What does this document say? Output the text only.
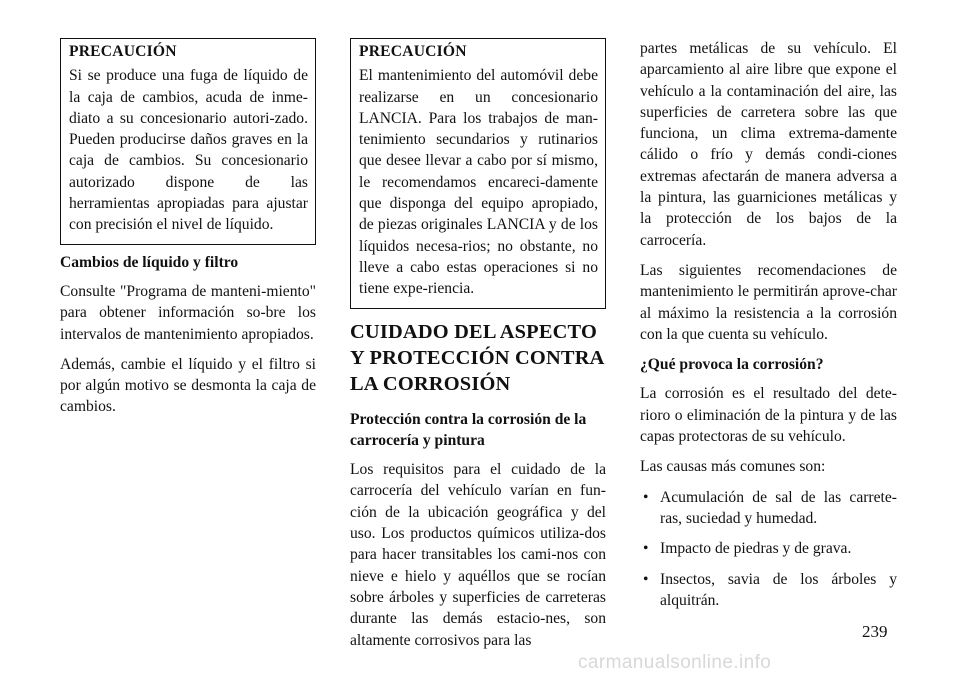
PRECAUCIÓN

Si se produce una fuga de líquido de la caja de cambios, acuda de inme-diato a su concesionario autori-zado. Pueden producirse daños graves en la caja de cambios. Su concesionario autorizado dispone de las herramientas apropiadas para ajustar con precisión el nivel de líquido.

Cambios de líquido y filtro

Consulte "Programa de manteni-miento" para obtener información so-bre los intervalos de mantenimiento apropiados.

Además, cambie el líquido y el filtro si por algún motivo se desmonta la caja de cambios.

PRECAUCIÓN

El mantenimiento del automóvil debe realizarse en un concesionario LANCIA. Para los trabajos de man-tenimiento secundarios y rutinarios que desee llevar a cabo por sí mismo, le recomendamos encareci-damente que disponga del equipo apropiado, de piezas originales LANCIA y de los líquidos necesa-rios; no obstante, no lleve a cabo estas operaciones si no tiene expe-riencia.

CUIDADO DEL ASPECTO Y PROTECCIÓN CONTRA LA CORROSIÓN
Protección contra la corrosión de la carrocería y pintura

Los requisitos para el cuidado de la carrocería del vehículo varían en fun-ción de la ubicación geográfica y del uso. Los productos químicos utiliza-dos para hacer transitables los cami-nos con nieve e hielo y aquéllos que se rocían sobre árboles y superficies de carreteras durante las demás estacio-nes, son altamente corrosivos para las

partes metálicas de su vehículo. El aparcamiento al aire libre que expone el vehículo a la contaminación del aire, las superficies de carretera sobre las que funciona, un clima extrema-damente cálido o frío y demás condi-ciones extremas afectarán de manera adversa a la pintura, las guarniciones metálicas y la protección de los bajos de la carrocería.

Las siguientes recomendaciones de mantenimiento le permitirán aprove-char al máximo la resistencia a la corrosión con la que cuenta su vehículo.

¿Qué provoca la corrosión?

La corrosión es el resultado del dete-rioro o eliminación de la pintura y de las capas protectoras de su vehículo.

Las causas más comunes son:

• Acumulación de sal de las carrete-ras, suciedad y humedad.
• Impacto de piedras y de grava.
• Insectos, savia de los árboles y alquitrán.
239
carmanualsonline.info
